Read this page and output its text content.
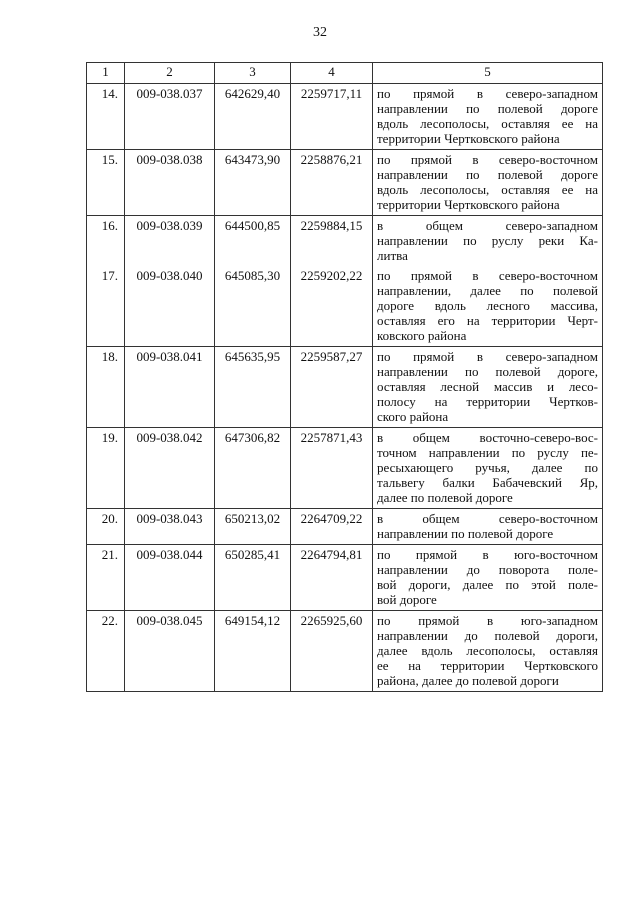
32
1	2	3	4	5
14.	009-038.037	642629,40	2259717,11	по прямой в северо-западном
направлении по полевой дороге
вдоль лесополосы, оставляя ее на
территории Чертковского района

15.	009-038.038	643473,90	2258876,21	по прямой в северо-восточном
направлении по полевой дороге
вдоль лесополосы, оставляя ее на
территории Чертковского района

16.	009-038.039	644500,85	2259884,15	в общем северо-западном
направлении по руслу реки Ка-
литва

17.	009-038.040	645085,30	2259202,22	по прямой в северо-восточном
направлении, далее по полевой
дороге вдоль лесного массива,
оставляя его на территории Черт-
ковского района

18.	009-038.041	645635,95	2259587,27	по прямой в северо-западном
направлении по полевой дороге,
оставляя лесной массив и лесо-
полосу на территории Чертков-
ского района

19.	009-038.042	647306,82	2257871,43	в общем восточно-северо-вос-
точном направлении по руслу пе-
ресыхающего ручья, далее по
тальвегу балки Бабачевский Яр,
далее по полевой дороге

20.	009-038.043	650213,02	2264709,22	в общем северо-восточном
направлении по полевой дороге

21.	009-038.044	650285,41	2264794,81	по прямой в юго-восточном
направлении до поворота поле-
вой дороги, далее по этой поле-
вой дороге

22.	009-038.045	649154,12	2265925,60	по прямой в юго-западном
направлении до полевой дороги,
далее вдоль лесополосы, оставляя
ее на территории Чертковского
района, далее до полевой дороги
